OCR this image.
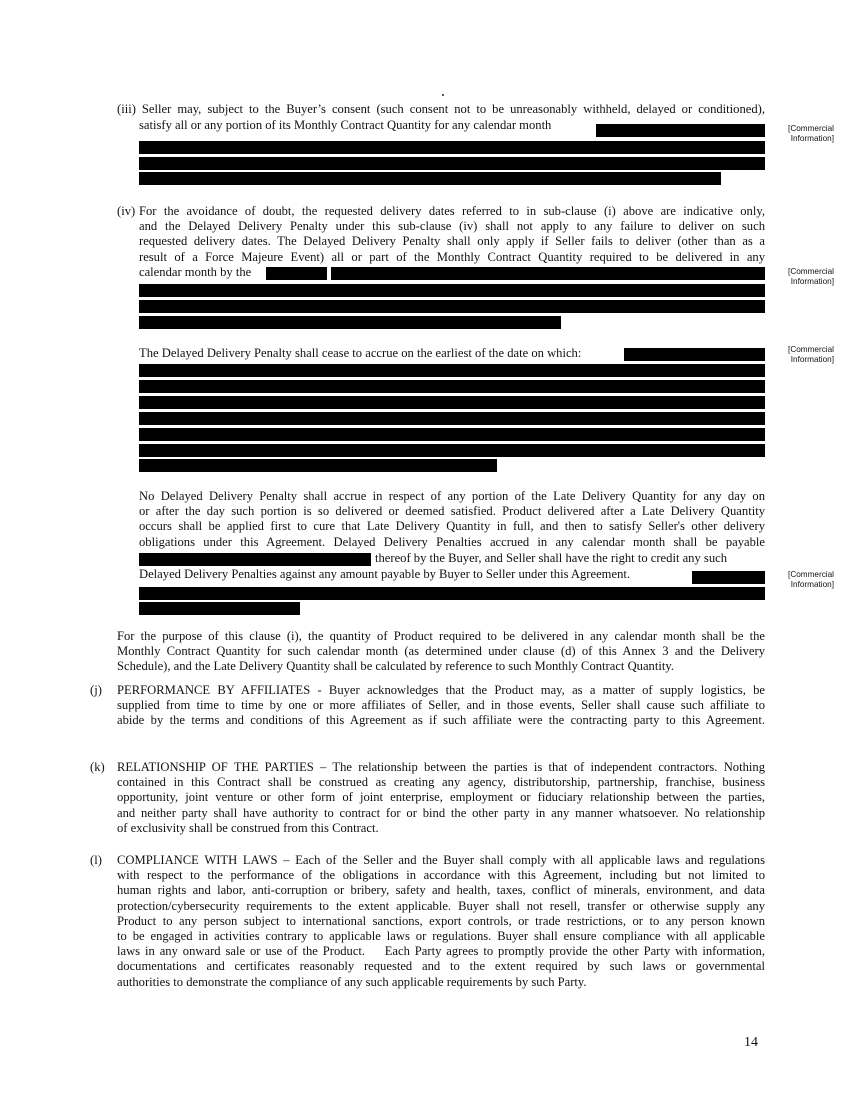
(iii) Seller may, subject to the Buyer’s consent (such consent not to be unreasonably withheld, delayed or conditioned),
satisfy all or any portion of its Monthly Contract Quantity for any calendar month	[Commercial
Information]
(iv) For the avoidance of doubt, the requested delivery dates referred to in sub-clause (i) above are indicative only,
and the Delayed Delivery Penalty under this sub-clause (iv) shall not apply to any failure to deliver on such
requested delivery dates. The Delayed Delivery Penalty shall only apply if Seller fails to deliver (other than as a
result of a Force Majeure Event) all or part of the Monthly Contract Quantity required to be delivered in any
calendar month by the	[Commercial
Information]
The Delayed Delivery Penalty shall cease to accrue on the earliest of the date on which:	[Commercial
Information]
No Delayed Delivery Penalty shall accrue in respect of any portion of the Late Delivery Quantity for any day on
or after the day such portion is so delivered or deemed satisfied. Product delivered after a Late Delivery Quantity
occurs shall be applied first to cure that Late Delivery Quantity in full, and then to satisfy Seller's other delivery
obligations under this Agreement. Delayed Delivery Penalties accrued in any calendar month shall be payable
thereof by the Buyer, and Seller shall have the right to credit any such
Delayed Delivery Penalties against any amount payable by Buyer to Seller under this Agreement.	[Commercial
Information]
For the purpose of this clause (i), the quantity of Product required to be delivered in any calendar month shall be the
Monthly Contract Quantity for such calendar month (as determined under clause (d) of this Annex 3 and the Delivery
Schedule), and the Late Delivery Quantity shall be calculated by reference to such Monthly Contract Quantity.
(j) PERFORMANCE BY AFFILIATES - Buyer acknowledges that the Product may, as a matter of supply logistics, be
supplied from time to time by one or more affiliates of Seller, and in those events, Seller shall cause such affiliate to
abide by the terms and conditions of this Agreement as if such affiliate were the contracting party to this Agreement.
(k) RELATIONSHIP OF THE PARTIES – The relationship between the parties is that of independent contractors. Nothing
contained in this Contract shall be construed as creating any agency, distributorship, partnership, franchise, business
opportunity, joint venture or other form of joint enterprise, employment or fiduciary relationship between the parties,
and neither party shall have authority to contract for or bind the other party in any manner whatsoever. No relationship
of exclusivity shall be construed from this Contract.
(l) COMPLIANCE WITH LAWS – Each of the Seller and the Buyer shall comply with all applicable laws and regulations
with respect to the performance of the obligations in accordance with this Agreement, including but not limited to
human rights and labor, anti-corruption or bribery, safety and health, taxes, conflict of minerals, environment, and data
protection/cybersecurity requirements to the extent applicable. Buyer shall not resell, transfer or otherwise supply any
Product to any person subject to international sanctions, export controls, or trade restrictions, or to any person known
to be engaged in activities contrary to applicable laws or regulations. Buyer shall ensure compliance with all applicable
laws in any onward sale or use of the Product.    Each Party agrees to promptly provide the other Party with information,
documentations and certificates reasonably requested and to the extent required by such laws or governmental
authorities to demonstrate the compliance of any such applicable requirements by such Party.
14
